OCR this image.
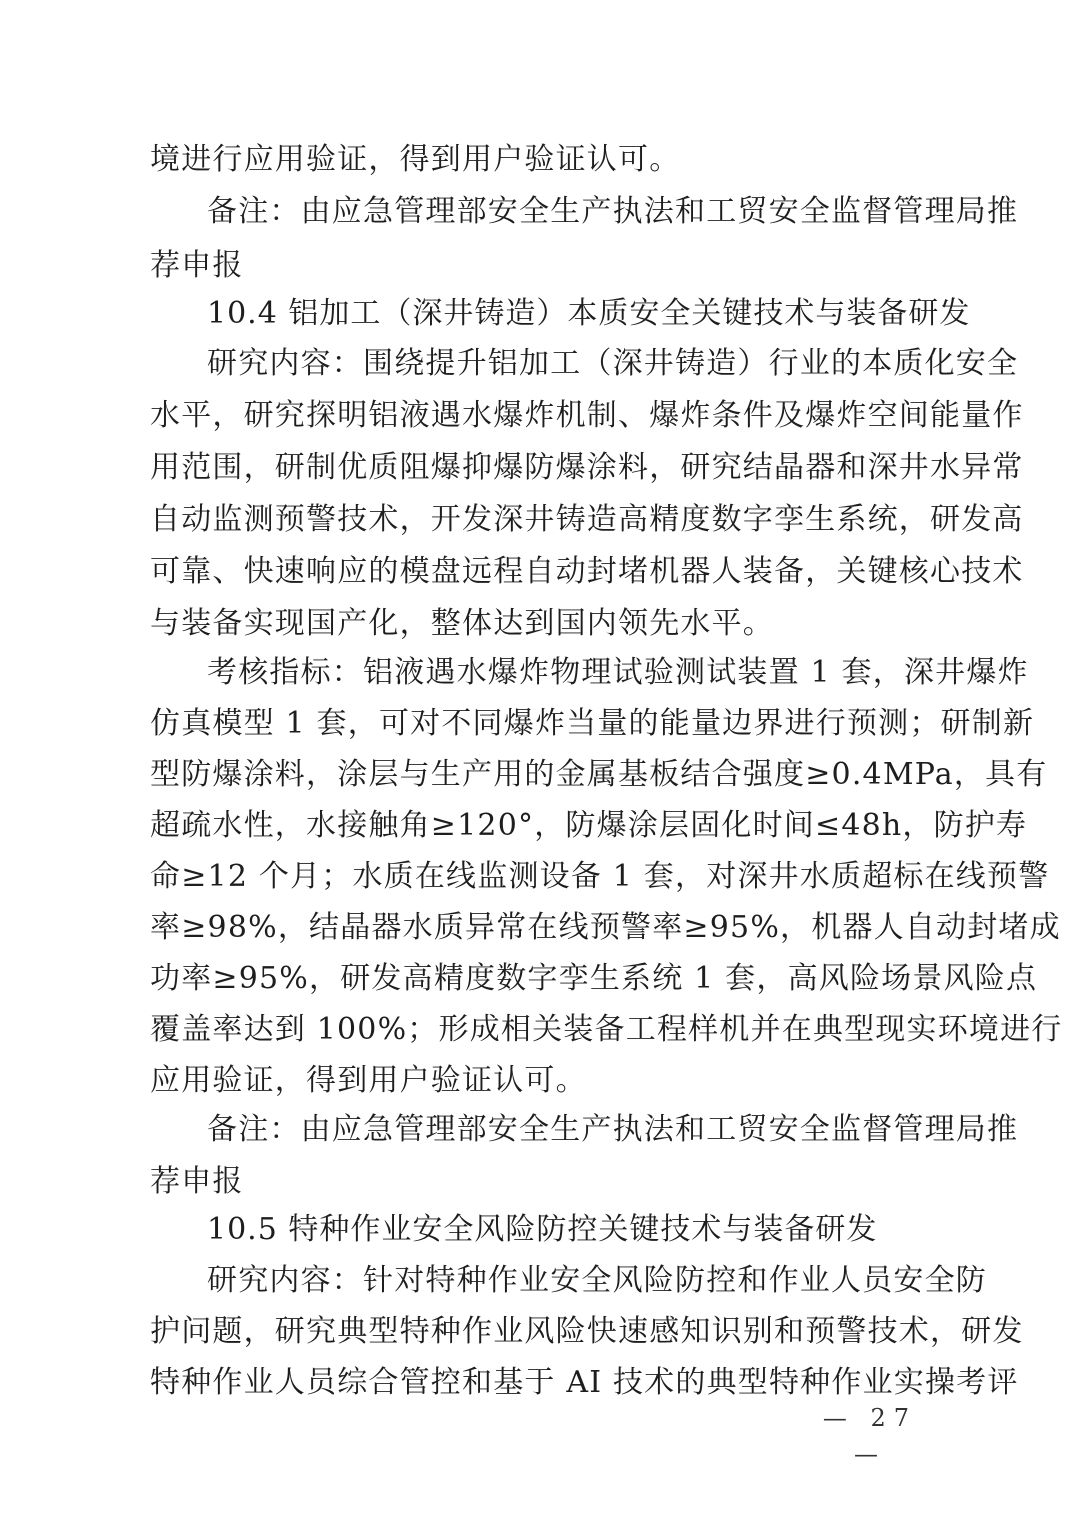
境进行应用验证，得到用户验证认可。
备注：由应急管理部安全生产执法和工贸安全监督管理局推
荐申报
10.4 铝加工（深井铸造）本质安全关键技术与装备研发
研究内容：围绕提升铝加工（深井铸造）行业的本质化安全
水平，研究探明铝液遇水爆炸机制、爆炸条件及爆炸空间能量作
用范围，研制优质阻爆抑爆防爆涂料，研究结晶器和深井水异常
自动监测预警技术，开发深井铸造高精度数字孪生系统，研发高
可靠、快速响应的模盘远程自动封堵机器人装备，关键核心技术
与装备实现国产化，整体达到国内领先水平。
考核指标：铝液遇水爆炸物理试验测试装置 1 套，深井爆炸
仿真模型 1 套，可对不同爆炸当量的能量边界进行预测；研制新
型防爆涂料，涂层与生产用的金属基板结合强度≥0.4MPa，具有
超疏水性，水接触角≥120°，防爆涂层固化时间≤48h，防护寿
命≥12 个月；水质在线监测设备 1 套，对深井水质超标在线预警
率≥98%，结晶器水质异常在线预警率≥95%，机器人自动封堵成
功率≥95%，研发高精度数字孪生系统 1 套，高风险场景风险点
覆盖率达到 100%；形成相关装备工程样机并在典型现实环境进行
应用验证，得到用户验证认可。
备注：由应急管理部安全生产执法和工贸安全监督管理局推
荐申报
10.5 特种作业安全风险防控关键技术与装备研发
研究内容：针对特种作业安全风险防控和作业人员安全防
护问题，研究典型特种作业风险快速感知识别和预警技术，研发
特种作业人员综合管控和基于 AI 技术的典型特种作业实操考评
— 27 —
